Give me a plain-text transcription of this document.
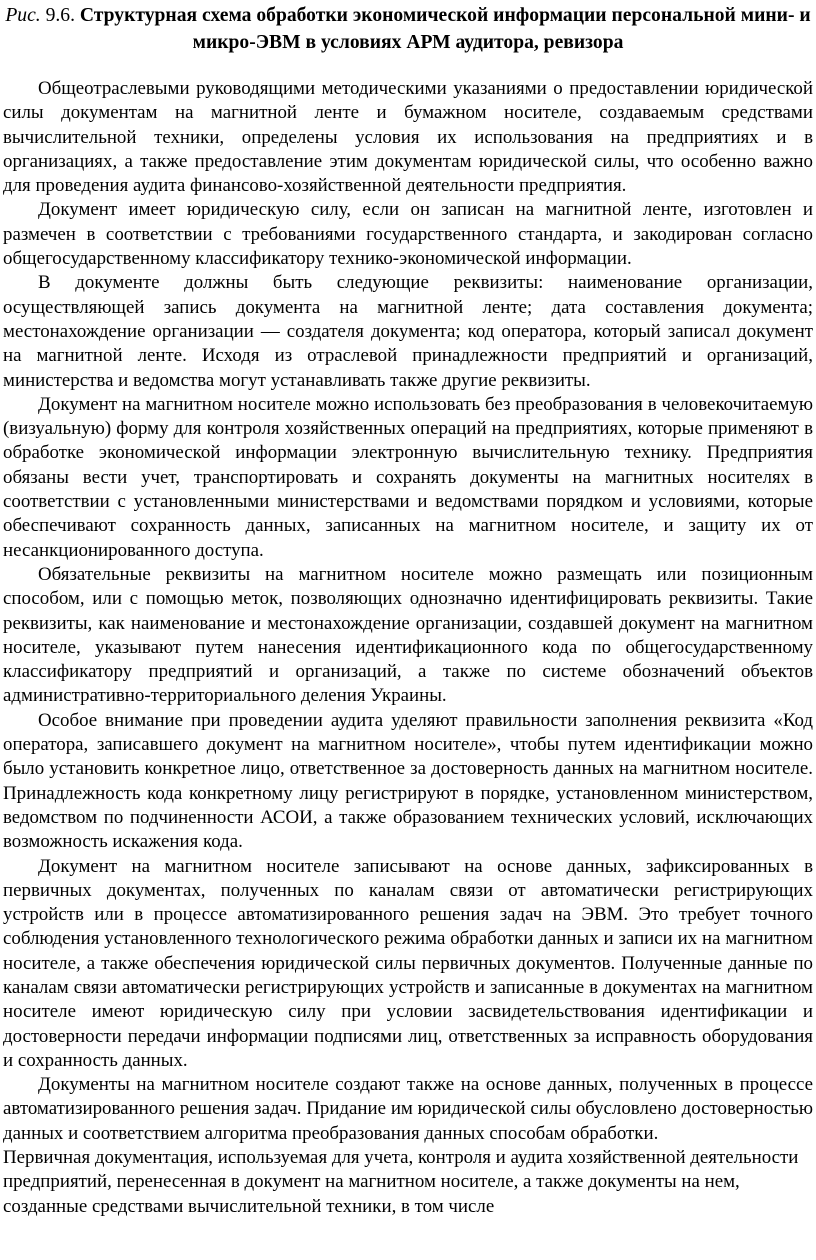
Рис. 9.6. Структурная схема обработки экономической информации персональной мини- и микро-ЭВМ в условиях АРМ аудитора, ревизора

Общеотраслевыми руководящими методическими указаниями о предоставлении юридической силы документам на магнитной ленте и бумажном носителе, создаваемым средствами вычислительной техники, определены условия их использования на предприятиях и в организациях, а также предоставление этим документам юридической силы, что особенно важно для проведения аудита финансово-хозяйственной деятельности предприятия.

Документ имеет юридическую силу, если он записан на магнитной ленте, изготовлен и размечен в соответствии с требованиями государственного стандарта, и закодирован согласно общегосударственному классификатору технико-экономической информации.

В документе должны быть следующие реквизиты: наименование организации, осуществляющей запись документа на магнитной ленте; дата составления документа; местонахождение организации — создателя документа; код оператора, который записал документ на магнитной ленте. Исходя из отраслевой принадлежности предприятий и организаций, министерства и ведомства могут устанавливать также другие реквизиты.

Документ на магнитном носителе можно использовать без преобразования в человекочитаемую (визуальную) форму для контроля хозяйственных операций на предприятиях, которые применяют в обработке экономической информации электронную вычислительную технику. Предприятия обязаны вести учет, транспортировать и сохранять документы на магнитных носителях в соответствии с установленными министерствами и ведомствами порядком и условиями, которые обеспечивают сохранность данных, записанных на магнитном носителе, и защиту их от несанкционированного доступа.

Обязательные реквизиты на магнитном носителе можно размещать или позиционным способом, или с помощью меток, позволяющих однозначно идентифицировать реквизиты. Такие реквизиты, как наименование и местонахождение организации, создавшей документ на магнитном носителе, указывают путем нанесения идентификационного кода по общегосударственному классификатору предприятий и организаций, а также по системе обозначений объектов административно-территориального деления Украины.

Особое внимание при проведении аудита уделяют правильности заполнения реквизита «Код оператора, записавшего документ на магнитном носителе», чтобы путем идентификации можно было установить конкретное лицо, ответственное за достоверность данных на магнитном носителе. Принадлежность кода конкретному лицу регистрируют в порядке, установленном министерством, ведомством по подчиненности АСОИ, а также образованием технических условий, исключающих возможность искажения кода.

Документ на магнитном носителе записывают на основе данных, зафиксированных в первичных документах, полученных по каналам связи от автоматически регистрирующих устройств или в процессе автоматизированного решения задач на ЭВМ. Это требует точного соблюдения установленного технологического режима обработки данных и записи их на магнитном носителе, а также обеспечения юридической силы первичных документов. Полученные данные по каналам связи автоматически регистрирующих устройств и записанные в документах на магнитном носителе имеют юридическую силу при условии засвидетельствования идентификации и достоверности передачи информации подписями лиц, ответственных за исправность оборудования и сохранность данных.

Документы на магнитном носителе создают также на основе данных, полученных в процессе автоматизированного решения задач. Придание им юридической силы обусловлено достоверностью данных и соответствием алгоритма преобразования данных способам обработки.

Первичная документация, используемая для учета, контроля и аудита хозяйственной деятельности предприятий, перенесенная в документ на магнитном носителе, а также документы на нем, созданные средствами вычислительной техники, в том числе
